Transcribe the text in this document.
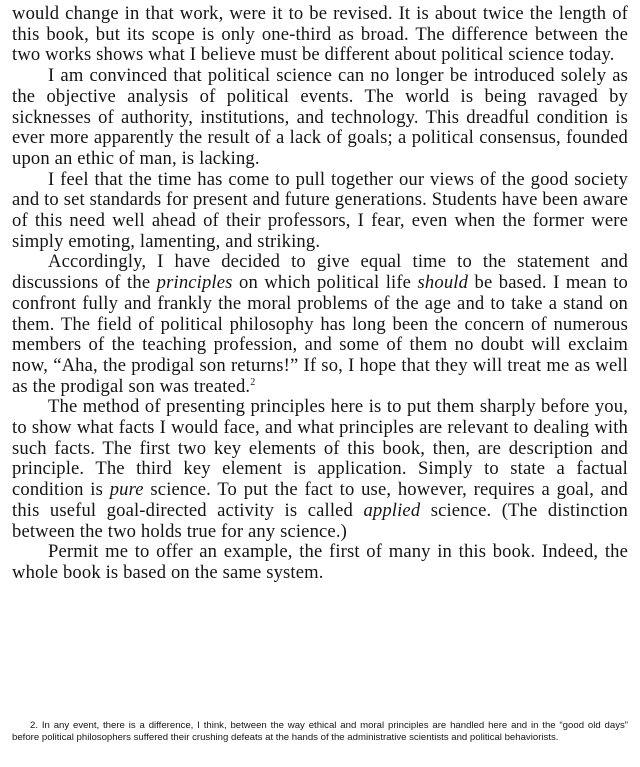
would change in that work, were it to be revised. It is about twice the length of this book, but its scope is only one-third as broad. The difference between the two works shows what I believe must be different about political science today.

I am convinced that political science can no longer be introduced solely as the objective analysis of political events. The world is being ravaged by sicknesses of authority, institutions, and technology. This dreadful condition is ever more apparently the result of a lack of goals; a political consensus, founded upon an ethic of man, is lacking.

I feel that the time has come to pull together our views of the good society and to set standards for present and future generations. Students have been aware of this need well ahead of their professors, I fear, even when the former were simply emoting, lamenting, and striking.

Accordingly, I have decided to give equal time to the statement and discussions of the principles on which political life should be based. I mean to confront fully and frankly the moral problems of the age and to take a stand on them. The field of political philosophy has long been the concern of numerous members of the teaching profession, and some of them no doubt will exclaim now, “Aha, the prodigal son returns!” If so, I hope that they will treat me as well as the prodigal son was treated.$^2$

The method of presenting principles here is to put them sharply before you, to show what facts I would face, and what principles are relevant to dealing with such facts. The first two key elements of this book, then, are description and principle. The third key element is application. Simply to state a factual condition is pure science. To put the fact to use, however, requires a goal, and this useful goal-directed activity is called applied science. (The distinction between the two holds true for any science.)

Permit me to offer an example, the first of many in this book. Indeed, the whole book is based on the same system.

2. In any event, there is a difference, I think, between the way ethical and moral principles are handled here and in the “good old days” before political philosophers suffered their crushing defeats at the hands of the administrative scientists and political behaviorists.
